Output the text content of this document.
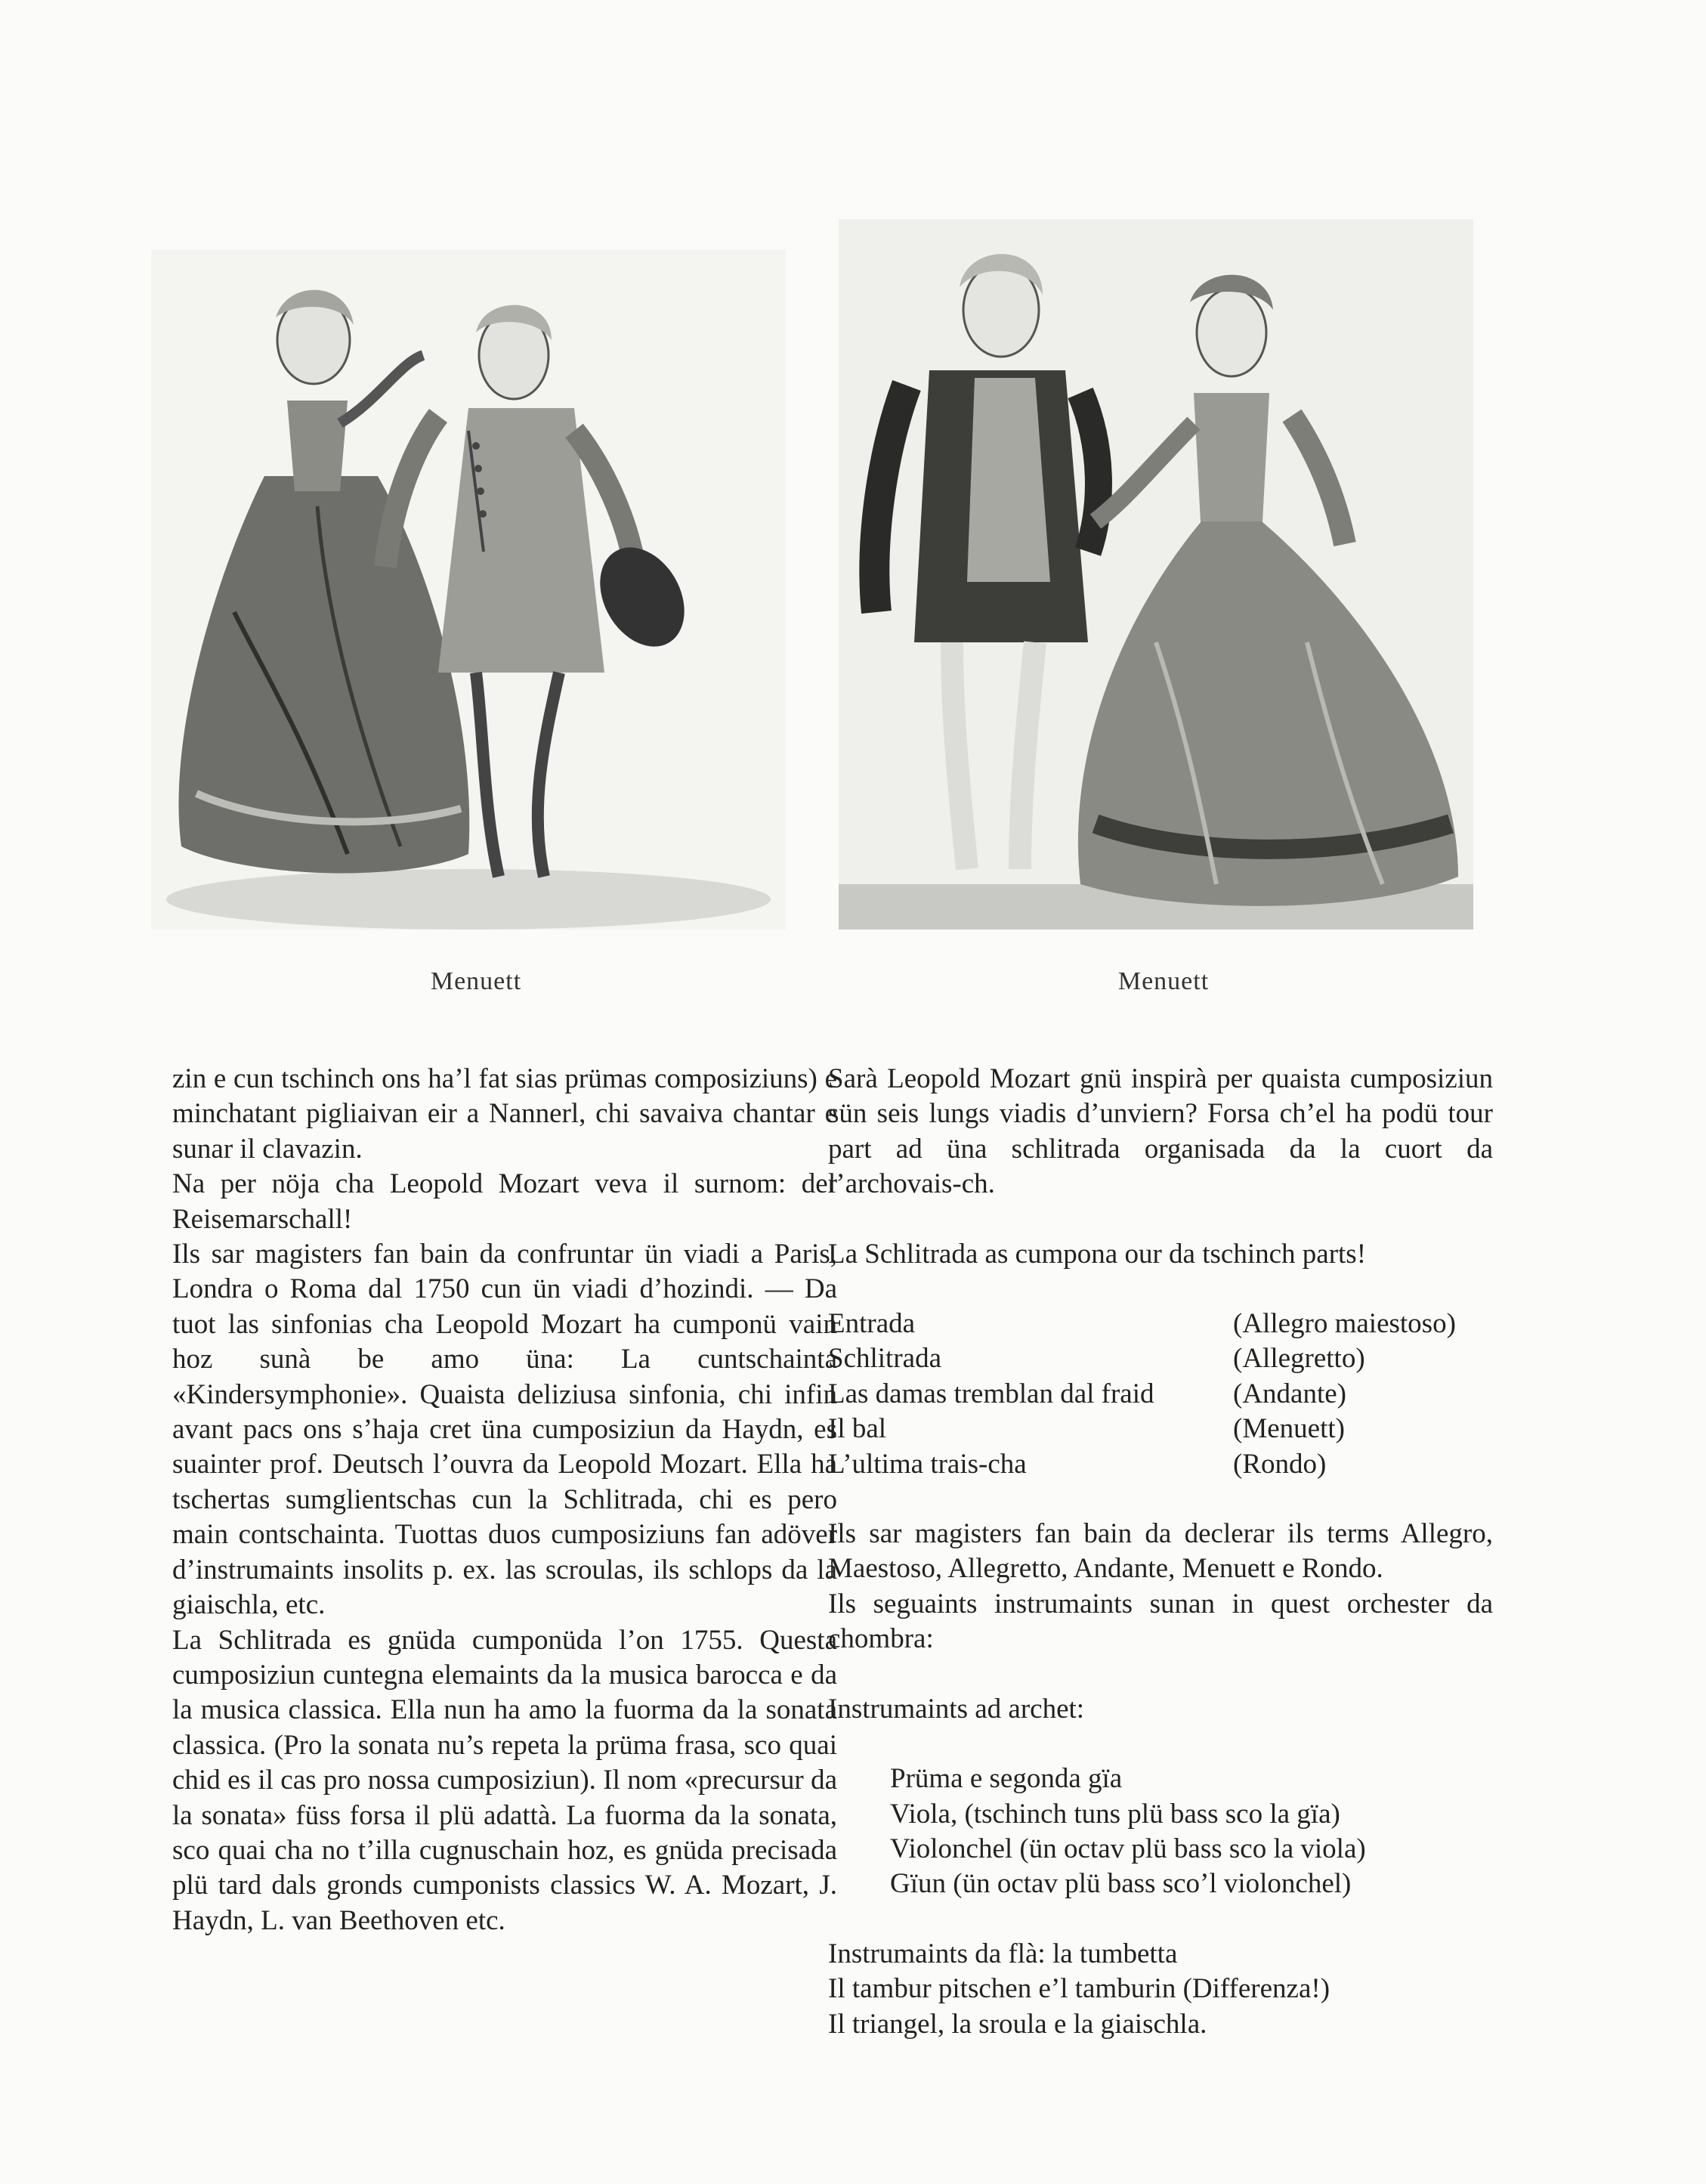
Menuett	Menuett

zin e cun tschinch ons ha’l fat sias prümas composiziuns) e minchatant pigliaivan eir a Nannerl, chi savaiva chantar e sunar il clavazin.

Na per nöja cha Leopold Mozart veva il surnom: der Reisemarschall!

Ils sar magisters fan bain da confruntar ün viadi a Paris, Londra o Roma dal 1750 cun ün viadi d’hozindi. — Da tuot las sinfonias cha Leopold Mozart ha cumponü vain hoz sunà be amo üna: La cuntschainta «Kindersymphonie». Quaista deliziusa sinfonia, chi infin avant pacs ons s’haja cret üna cumposiziun da Haydn, es suainter prof. Deutsch l’ouvra da Leopold Mozart. Ella ha tschertas sumglientschas cun la Schlitrada, chi es pero main contschainta. Tuottas duos cumposiziuns fan adöver d’instrumaints insolits p. ex. las scroulas, ils schlops da la giaischla, etc.

La Schlitrada es gnüda cumponüda l’on 1755. Questa cumposiziun cuntegna elemaints da la musica barocca e da la musica classica. Ella nun ha amo la fuorma da la sonata classica. (Pro la sonata nu’s repeta la prüma frasa, sco quai chid es il cas pro nossa cumposiziun). Il nom «precursur da la sonata» füss forsa il plü adattà. La fuorma da la sonata, sco quai cha no t’illa cugnuschain hoz, es gnüda precisada plü tard dals gronds cumponists classics W. A. Mozart, J. Haydn, L. van Beethoven etc.

Sarà Leopold Mozart gnü inspirà per quaista cumposiziun sün seis lungs viadis d’unviern? Forsa ch’el ha podü tour part ad üna schlitrada organisada da la cuort da l’archovais-ch.

La Schlitrada as cumpona our da tschinch parts!

Entrada	(Allegro maiestoso)
Schlitrada	(Allegretto)
Las damas tremblan dal fraid	(Andante)
Il bal	(Menuett)
L’ultima trais-cha	(Rondo)

Ils sar magisters fan bain da declerar ils terms Allegro, Maestoso, Allegretto, Andante, Menuett e Rondo.

Ils seguaints instrumaints sunan in quest orchester da chombra:

Instrumaints ad archet:

Prüma e segonda gïa

Viola, (tschinch tuns plü bass sco la gïa)

Violonchel (ün octav plü bass sco la viola)

Gïun (ün octav plü bass sco’l violonchel)

Instrumaints da flà: la tumbetta

Il tambur pitschen e’l tamburin (Differenza!)

Il triangel, la sroula e la giaischla.
